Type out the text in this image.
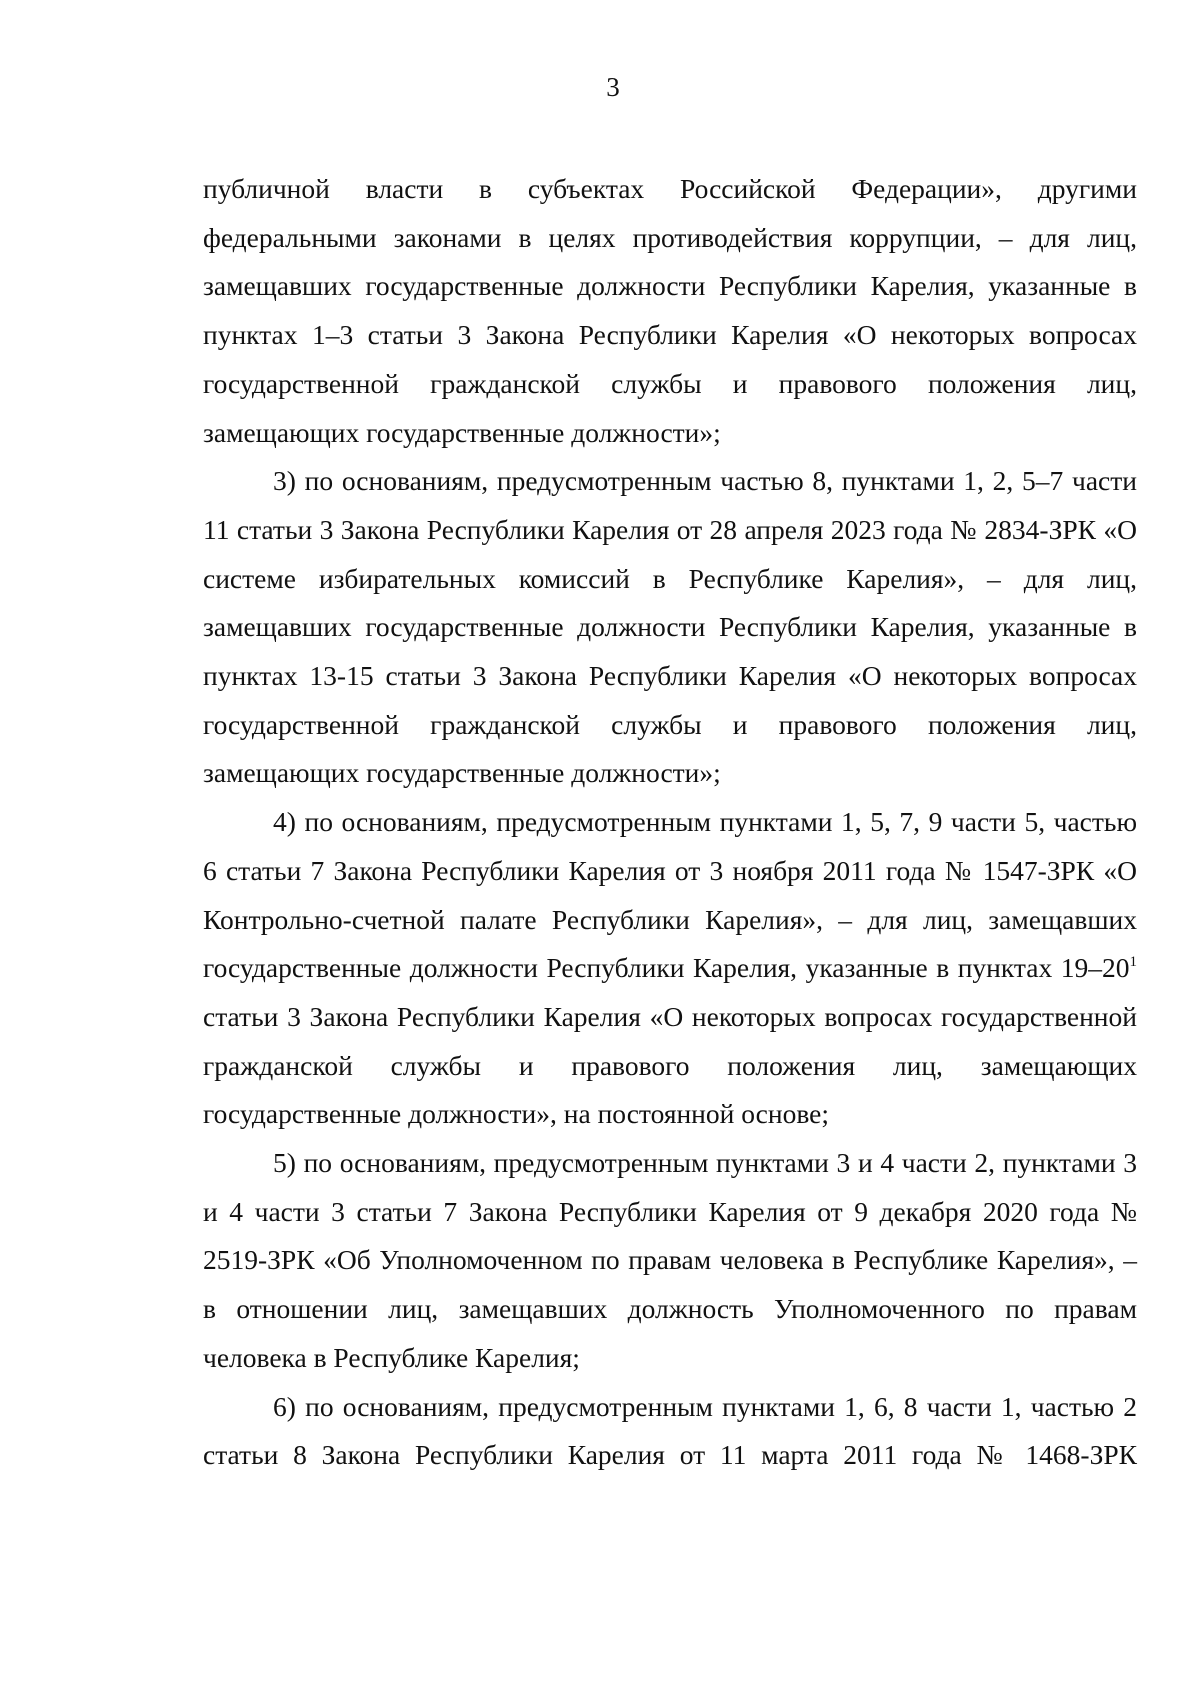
3

публичной власти в субъектах Российской Федерации», другими федеральными законами в целях противодействия коррупции, – для лиц, замещавших государственные должности Республики Карелия, указанные в пунктах 1–3 статьи 3 Закона Республики Карелия «О некоторых вопросах государственной гражданской службы и правового положения лиц, замещающих государственные должности»;

3) по основаниям, предусмотренным частью 8, пунктами 1, 2, 5–7 части 11 статьи 3 Закона Республики Карелия от 28 апреля 2023 года № 2834-ЗРК «О системе избирательных комиссий в Республике Карелия», – для лиц, замещавших государственные должности Республики Карелия, указанные в пунктах 13-15 статьи 3 Закона Республики Карелия «О некоторых вопросах государственной гражданской службы и правового положения лиц, замещающих государственные должности»;

4) по основаниям, предусмотренным пунктами 1, 5, 7, 9 части 5, частью 6 статьи 7 Закона Республики Карелия от 3 ноября 2011 года № 1547-ЗРК «О Контрольно-счетной палате Республики Карелия», – для лиц, замещавших государственные должности Республики Карелия, указанные в пунктах $19-20^1$ статьи 3 Закона Республики Карелия «О некоторых вопросах государственной гражданской службы и правового положения лиц, замещающих государственные должности», на постоянной основе;

5) по основаниям, предусмотренным пунктами 3 и 4 части 2, пунктами 3 и 4 части 3 статьи 7 Закона Республики Карелия от 9 декабря 2020 года № 2519-ЗРК «Об Уполномоченном по правам человека в Республике Карелия», – в отношении лиц, замещавших должность Уполномоченного по правам человека в Республике Карелия;

6) по основаниям, предусмотренным пунктами 1, 6, 8 части 1, частью 2 статьи 8 Закона Республики Карелия от 11 марта 2011 года № 1468-ЗРК
